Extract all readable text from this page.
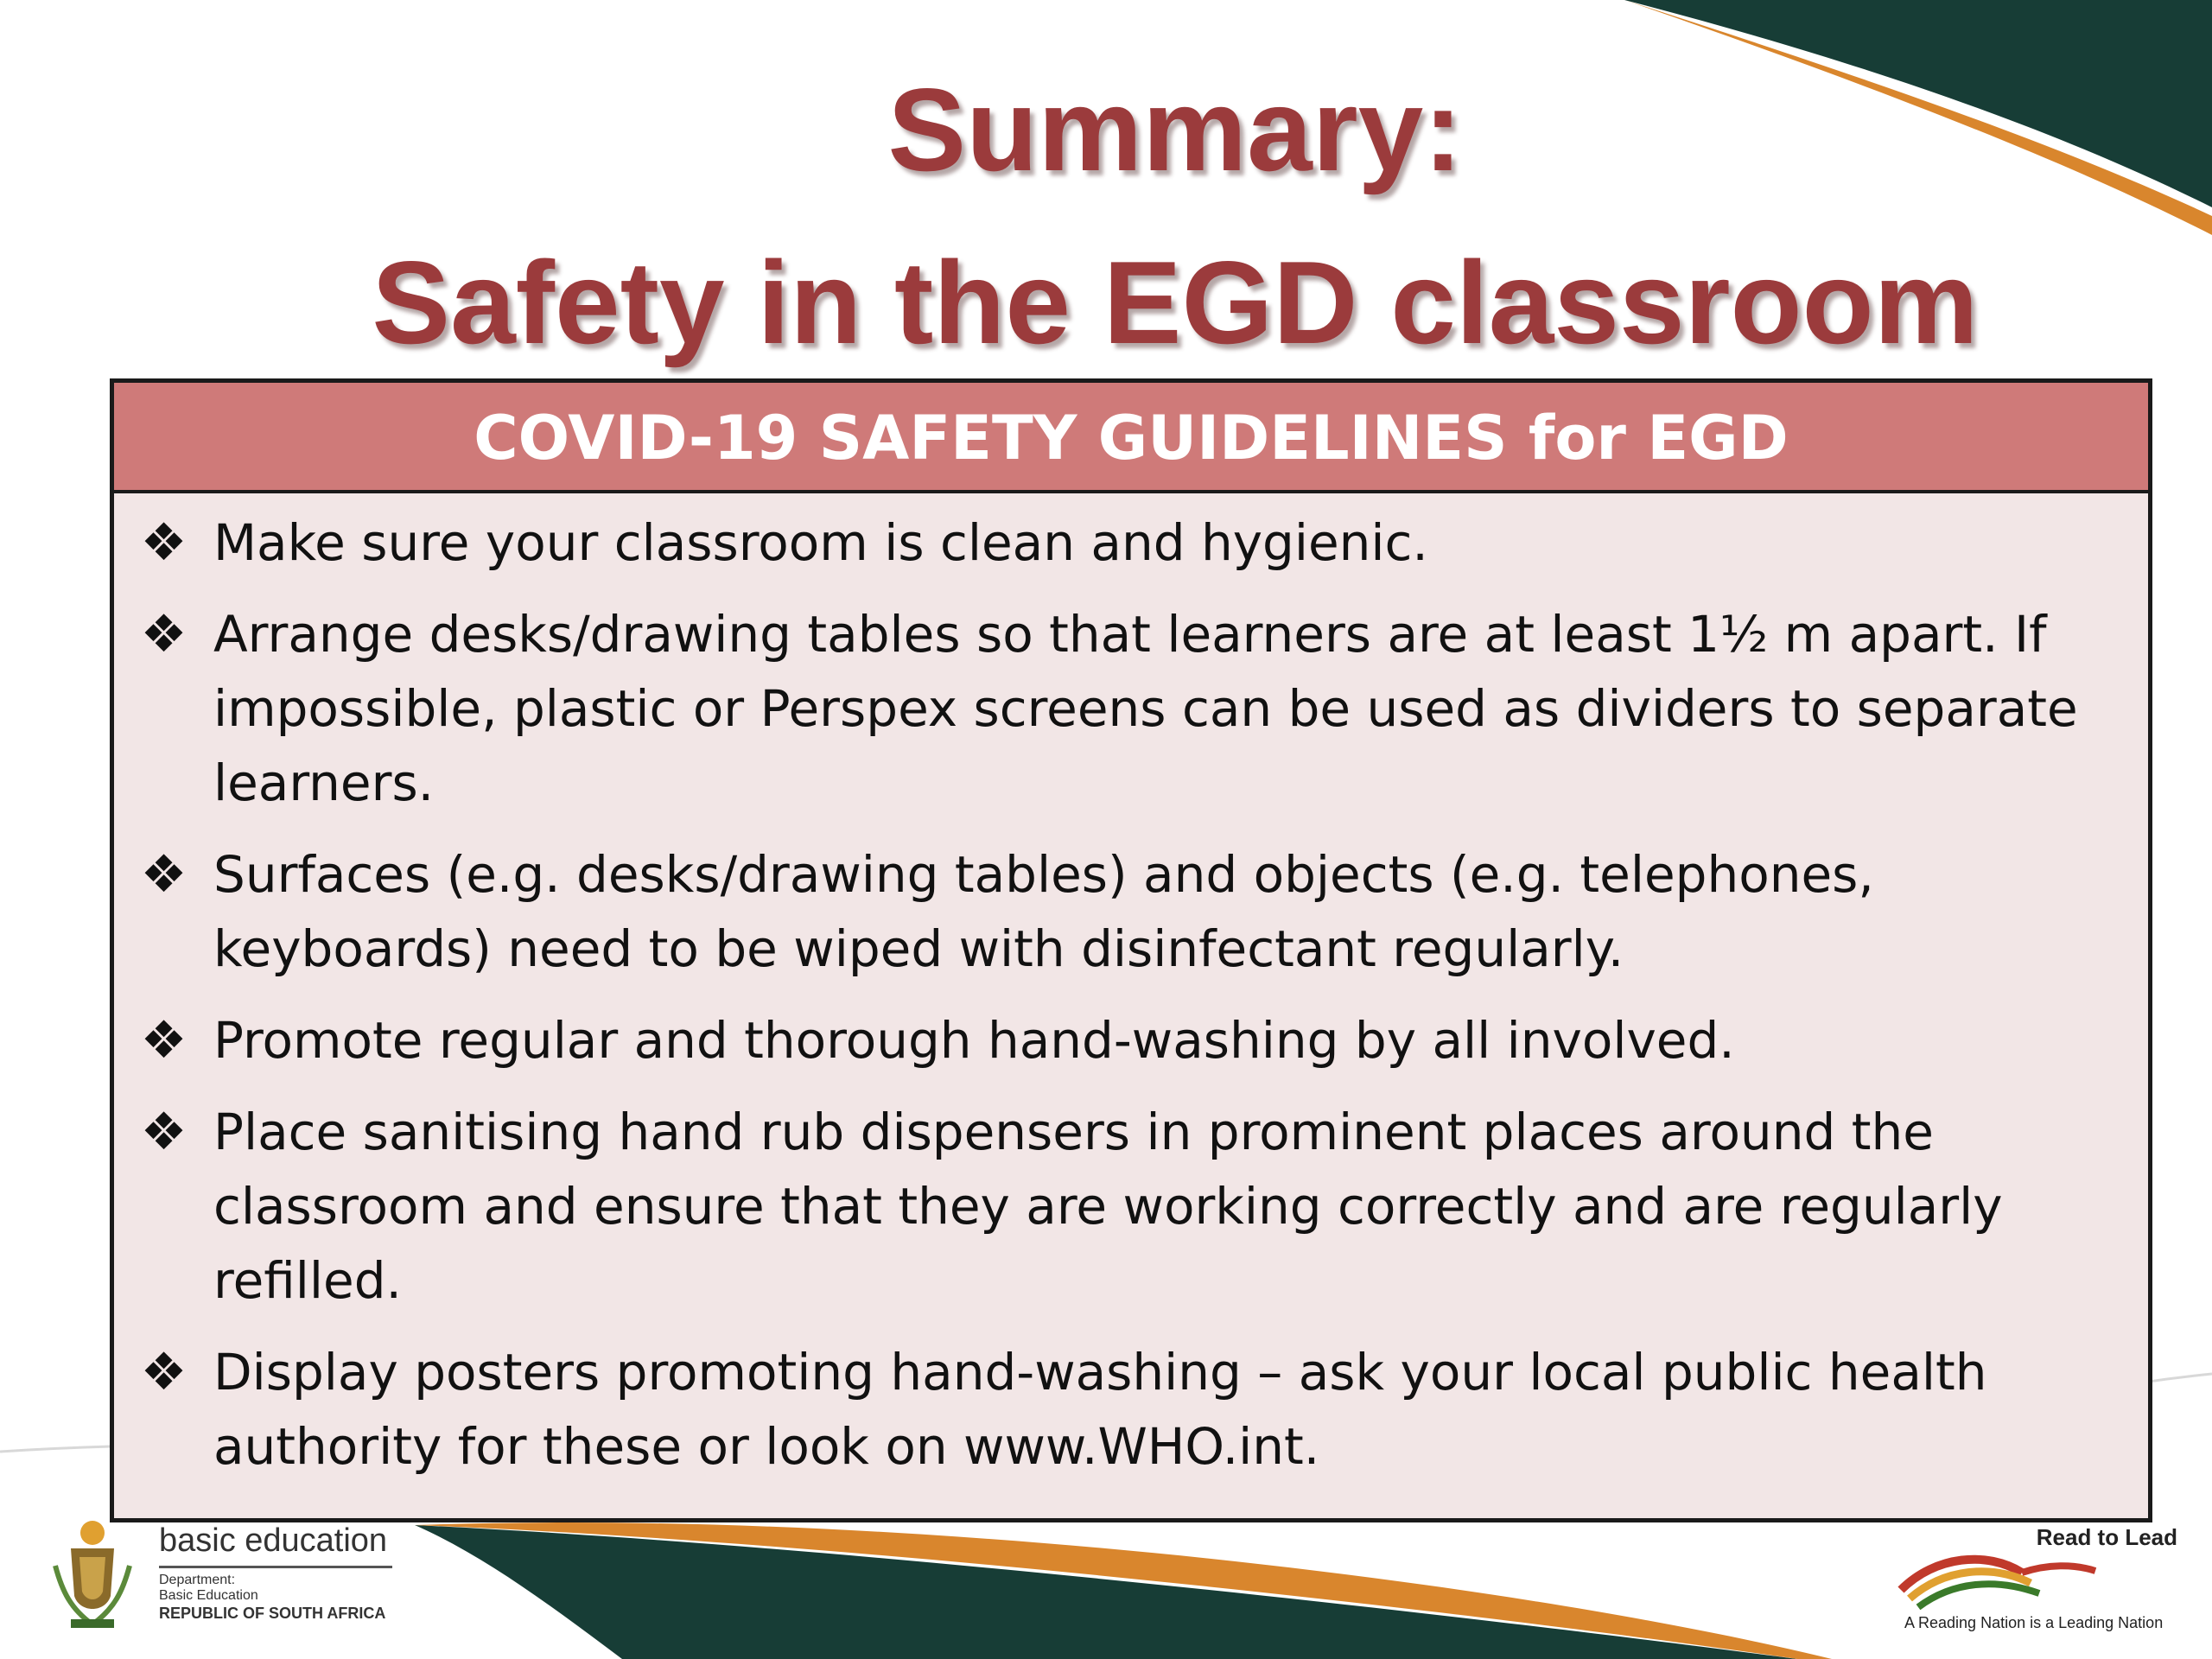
Summary:
Safety in the EGD classroom
COVID-19 SAFETY GUIDELINES for EGD
❖ Make sure your classroom is clean and hygienic.
❖ Arrange desks/drawing tables so that learners are at least 1½ m apart. If impossible, plastic or Perspex screens can be used as dividers to separate learners.
❖ Surfaces (e.g. desks/drawing tables) and objects (e.g. telephones, keyboards) need to be wiped with disinfectant regularly.
❖ Promote regular and thorough hand-washing by all involved.
❖ Place sanitising hand rub dispensers in prominent places around the classroom and ensure that they are working correctly and are regularly refilled.
❖ Display posters promoting hand-washing – ask your local public health authority for these or look on www.WHO.int.
basic education
Department:
Basic Education
REPUBLIC OF SOUTH AFRICA
Read to Lead
A Reading Nation is a Leading Nation
